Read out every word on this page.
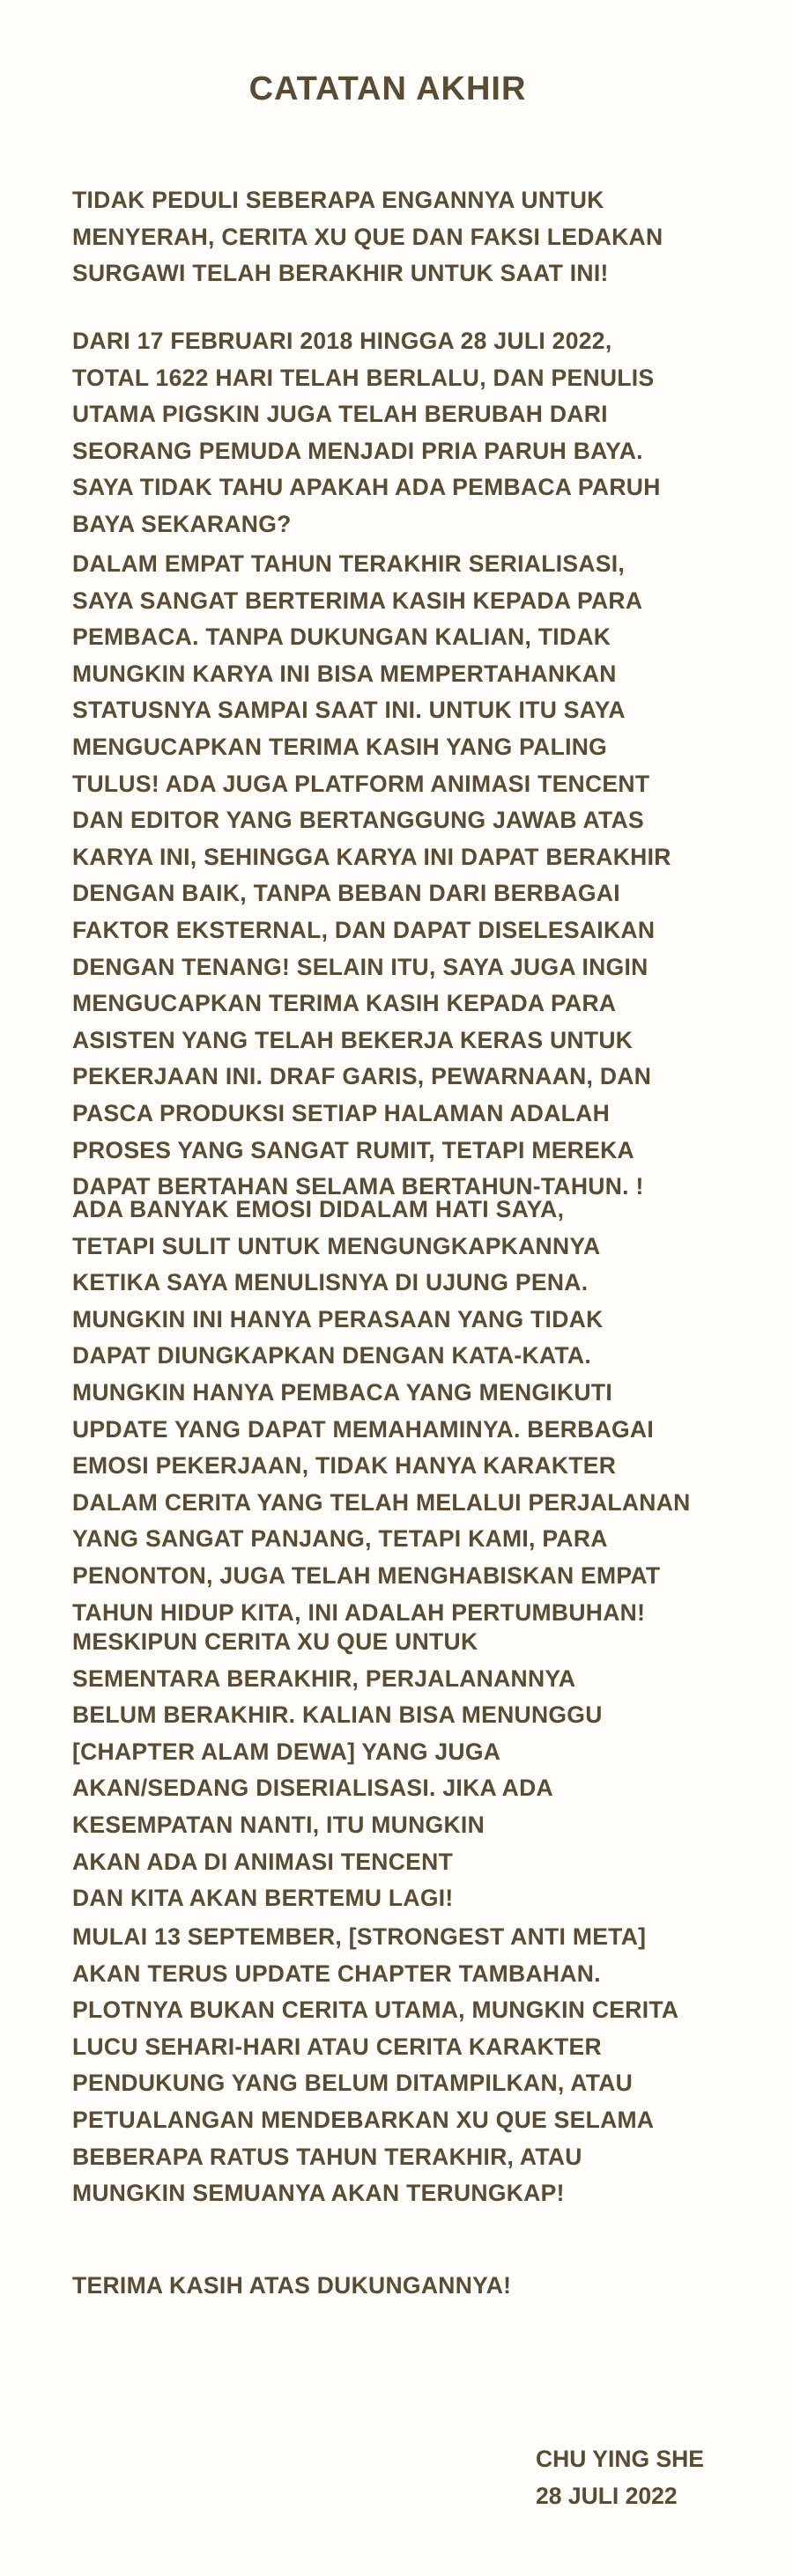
CATATAN AKHIR
TIDAK PEDULI SEBERAPA ENGANNYA UNTUK
MENYERAH, CERITA XU QUE DAN FAKSI LEDAKAN
SURGAWI TELAH BERAKHIR UNTUK SAAT INI!
DARI 17 FEBRUARI 2018 HINGGA 28 JULI 2022,
TOTAL 1622 HARI TELAH BERLALU, DAN PENULIS
UTAMA PIGSKIN JUGA TELAH BERUBAH DARI
SEORANG PEMUDA MENJADI PRIA PARUH BAYA.
SAYA TIDAK TAHU APAKAH ADA PEMBACA PARUH
BAYA SEKARANG?
DALAM EMPAT TAHUN TERAKHIR SERIALISASI,
SAYA SANGAT BERTERIMA KASIH KEPADA PARA
PEMBACA. TANPA DUKUNGAN KALIAN, TIDAK
MUNGKIN KARYA INI BISA MEMPERTAHANKAN
STATUSNYA SAMPAI SAAT INI. UNTUK ITU SAYA
MENGUCAPKAN TERIMA KASIH YANG PALING
TULUS! ADA JUGA PLATFORM ANIMASI TENCENT
DAN EDITOR YANG BERTANGGUNG JAWAB ATAS
KARYA INI, SEHINGGA KARYA INI DAPAT BERAKHIR
DENGAN BAIK, TANPA BEBAN DARI BERBAGAI
FAKTOR EKSTERNAL, DAN DAPAT DISELESAIKAN
DENGAN TENANG! SELAIN ITU, SAYA JUGA INGIN
MENGUCAPKAN TERIMA KASIH KEPADA PARA
ASISTEN YANG TELAH BEKERJA KERAS UNTUK
PEKERJAAN INI. DRAF GARIS, PEWARNAAN, DAN
PASCA PRODUKSI SETIAP HALAMAN ADALAH
PROSES YANG SANGAT RUMIT, TETAPI MEREKA
DAPAT BERTAHAN SELAMA BERTAHUN-TAHUN. !
ADA BANYAK EMOSI DIDALAM HATI SAYA,
TETAPI SULIT UNTUK MENGUNGKAPKANNYA
KETIKA SAYA MENULISNYA DI UJUNG PENA.
MUNGKIN INI HANYA PERASAAN YANG TIDAK
DAPAT DIUNGKAPKAN DENGAN KATA-KATA.
MUNGKIN HANYA PEMBACA YANG MENGIKUTI
UPDATE YANG DAPAT MEMAHAMINYA. BERBAGAI
EMOSI PEKERJAAN, TIDAK HANYA KARAKTER
DALAM CERITA YANG TELAH MELALUI PERJALANAN
YANG SANGAT PANJANG, TETAPI KAMI, PARA
PENONTON, JUGA TELAH MENGHABISKAN EMPAT
TAHUN HIDUP KITA, INI ADALAH PERTUMBUHAN!
MESKIPUN CERITA XU QUE UNTUK
SEMENTARA BERAKHIR, PERJALANANNYA
BELUM BERAKHIR. KALIAN BISA MENUNGGU
[CHAPTER ALAM DEWA] YANG JUGA
AKAN/SEDANG DISERIALISASI. JIKA ADA
KESEMPATAN NANTI, ITU MUNGKIN
AKAN ADA DI ANIMASI TENCENT
DAN KITA AKAN BERTEMU LAGI!
MULAI 13 SEPTEMBER, [STRONGEST ANTI META]
AKAN TERUS UPDATE CHAPTER TAMBAHAN.
PLOTNYA BUKAN CERITA UTAMA, MUNGKIN CERITA
LUCU SEHARI-HARI ATAU CERITA KARAKTER
PENDUKUNG YANG BELUM DITAMPILKAN, ATAU
PETUALANGAN MENDEBARKAN XU QUE SELAMA
BEBERAPA RATUS TAHUN TERAKHIR, ATAU
MUNGKIN SEMUANYA AKAN TERUNGKAP!
TERIMA KASIH ATAS DUKUNGANNYA!
CHU YING SHE
28 JULI 2022
